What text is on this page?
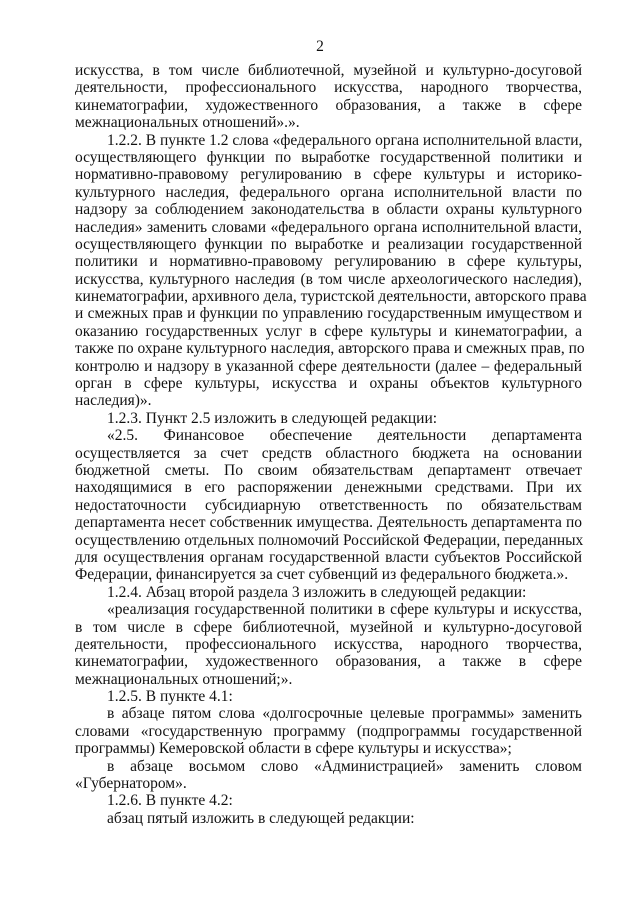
2
искусства, в том числе библиотечной, музейной и культурно-досуговой
деятельности, профессионального искусства, народного творчества,
кинематографии, художественного образования, а также в сфере
межнациональных отношений».».
1.2.2. В пункте 1.2 слова «федерального органа исполнительной власти,
осуществляющего функции по выработке государственной политики и
нормативно-правовому регулированию в сфере культуры и историко-
культурного наследия, федерального органа исполнительной власти по
надзору за соблюдением законодательства в области охраны культурного
наследия» заменить словами «федерального органа исполнительной власти,
осуществляющего функции по выработке и реализации государственной
политики и нормативно-правовому регулированию в сфере культуры,
искусства, культурного наследия (в том числе археологического наследия),
кинематографии, архивного дела, туристской деятельности, авторского права
и смежных прав и функции по управлению государственным имуществом и
оказанию государственных услуг в сфере культуры и кинематографии, а
также по охране культурного наследия, авторского права и смежных прав, по
контролю и надзору в указанной сфере деятельности (далее – федеральный
орган в сфере культуры, искусства и охраны объектов культурного
наследия)».
1.2.3. Пункт 2.5 изложить в следующей редакции:
«2.5. Финансовое обеспечение деятельности департамента
осуществляется за счет средств областного бюджета на основании
бюджетной сметы. По своим обязательствам департамент отвечает
находящимися в его распоряжении денежными средствами. При их
недостаточности субсидиарную ответственность по обязательствам
департамента несет собственник имущества. Деятельность департамента по
осуществлению отдельных полномочий Российской Федерации, переданных
для осуществления органам государственной власти субъектов Российской
Федерации, финансируется за счет субвенций из федерального бюджета.».
1.2.4. Абзац второй раздела 3 изложить в следующей редакции:
«реализация государственной политики в сфере культуры и искусства,
в том числе в сфере библиотечной, музейной и культурно-досуговой
деятельности, профессионального искусства, народного творчества,
кинематографии, художественного образования, а также в сфере
межнациональных отношений;».
1.2.5. В пункте 4.1:
в абзаце пятом слова «долгосрочные целевые программы» заменить
словами «государственную программу (подпрограммы государственной
программы) Кемеровской области в сфере культуры и искусства»;
в абзаце восьмом слово «Администрацией» заменить словом
«Губернатором».
1.2.6. В пункте 4.2:
абзац пятый изложить в следующей редакции:
